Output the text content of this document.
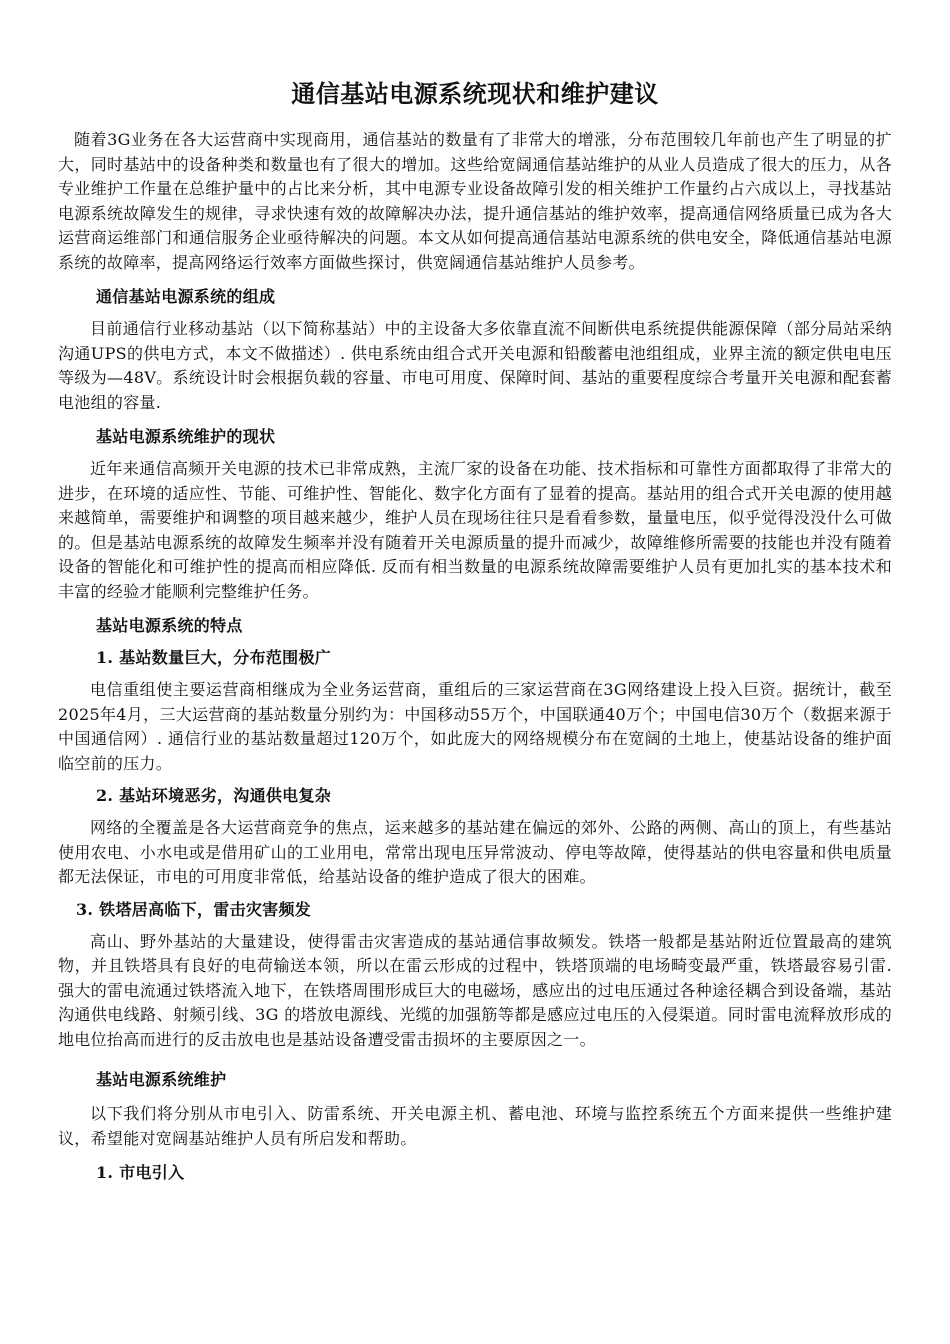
通信基站电源系统现状和维护建议

随着3G业务在各大运营商中实现商用，通信基站的数量有了非常大的增涨，分布范围较几年前也产生了明显的扩大，同时基站中的设备种类和数量也有了很大的增加。这些给宽阔通信基站维护的从业人员造成了很大的压力，从各专业维护工作量在总维护量中的占比来分析，其中电源专业设备故障引发的相关维护工作量约占六成以上，寻找基站电源系统故障发生的规律，寻求快速有效的故障解决办法，提升通信基站的维护效率，提高通信网络质量已成为各大运营商运维部门和通信服务企业亟待解决的问题。本文从如何提高通信基站电源系统的供电安全，降低通信基站电源系统的故障率，提高网络运行效率方面做些探讨，供宽阔通信基站维护人员参考。

通信基站电源系统的组成

目前通信行业移动基站（以下简称基站）中的主设备大多依靠直流不间断供电系统提供能源保障（部分局站采纳沟通UPS的供电方式，本文不做描述）. 供电系统由组合式开关电源和铅酸蓄电池组组成，业界主流的额定供电电压等级为—48V。系统设计时会根据负载的容量、市电可用度、保障时间、基站的重要程度综合考量开关电源和配套蓄电池组的容量.

基站电源系统维护的现状

近年来通信高频开关电源的技术已非常成熟，主流厂家的设备在功能、技术指标和可靠性方面都取得了非常大的进步，在环境的适应性、节能、可维护性、智能化、数字化方面有了显着的提高。基站用的组合式开关电源的使用越来越简单，需要维护和调整的项目越来越少，维护人员在现场往往只是看看参数，量量电压，似乎觉得没没什么可做的。但是基站电源系统的故障发生频率并没有随着开关电源质量的提升而减少，故障维修所需要的技能也并没有随着设备的智能化和可维护性的提高而相应降低. 反而有相当数量的电源系统故障需要维护人员有更加扎实的基本技术和丰富的经验才能顺利完整维护任务。

基站电源系统的特点
1. 基站数量巨大，分布范围极广

电信重组使主要运营商相继成为全业务运营商，重组后的三家运营商在3G网络建设上投入巨资。据统计，截至2025年4月，三大运营商的基站数量分别约为：中国移动55万个，中国联通40万个；中国电信30万个（数据来源于中国通信网）. 通信行业的基站数量超过120万个，如此庞大的网络规模分布在宽阔的土地上，使基站设备的维护面临空前的压力。

2. 基站环境恶劣，沟通供电复杂

网络的全覆盖是各大运营商竞争的焦点，运来越多的基站建在偏远的郊外、公路的两侧、高山的顶上，有些基站使用农电、小水电或是借用矿山的工业用电，常常出现电压异常波动、停电等故障，使得基站的供电容量和供电质量都无法保证，市电的可用度非常低，给基站设备的维护造成了很大的困难。

3. 铁塔居高临下，雷击灾害频发

高山、野外基站的大量建设，使得雷击灾害造成的基站通信事故频发。铁塔一般都是基站附近位置最高的建筑物，并且铁塔具有良好的电荷输送本领，所以在雷云形成的过程中，铁塔顶端的电场畸变最严重，铁塔最容易引雷. 强大的雷电流通过铁塔流入地下，在铁塔周围形成巨大的电磁场，感应出的过电压通过各种途径耦合到设备端，基站沟通供电线路、射频引线、3G 的塔放电源线、光缆的加强筋等都是感应过电压的入侵渠道。同时雷电流释放形成的地电位抬高而进行的反击放电也是基站设备遭受雷击损坏的主要原因之一。

基站电源系统维护

以下我们将分别从市电引入、防雷系统、开关电源主机、蓄电池、环境与监控系统五个方面来提供一些维护建议，希望能对宽阔基站维护人员有所启发和帮助。

1. 市电引入
